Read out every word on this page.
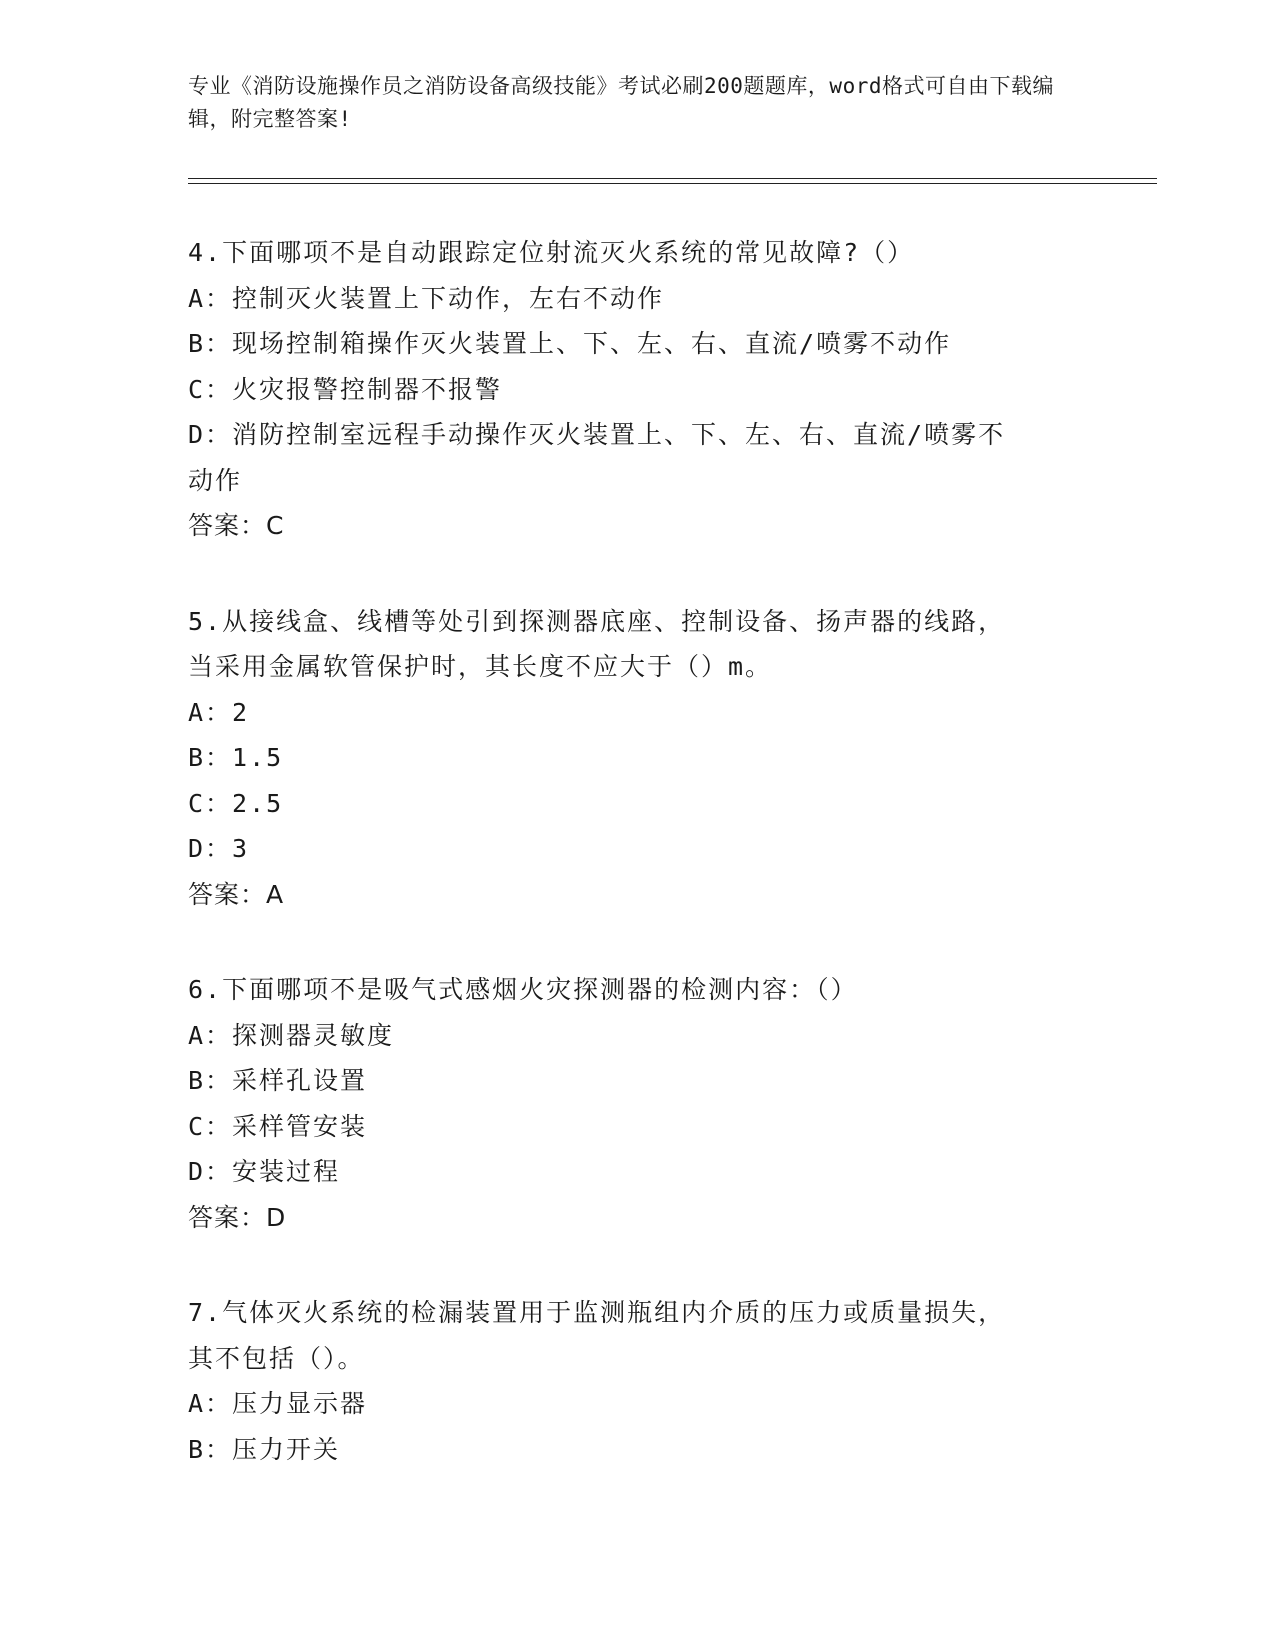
专业《消防设施操作员之消防设备高级技能》考试必刷200题题库，word格式可自由下载编辑，附完整答案!
4.下面哪项不是自动跟踪定位射流灭火系统的常见故障?（）
A：控制灭火装置上下动作，左右不动作
B：现场控制箱操作灭火装置上、下、左、右、直流/喷雾不动作
C：火灾报警控制器不报警
D：消防控制室远程手动操作灭火装置上、下、左、右、直流/喷雾不
动作
答案：C
5.从接线盒、线槽等处引到探测器底座、控制设备、扬声器的线路，
当采用金属软管保护时，其长度不应大于（）m。
A：2
B：1.5
C：2.5
D：3
答案：A
6.下面哪项不是吸气式感烟火灾探测器的检测内容：（）
A：探测器灵敏度
B：采样孔设置
C：采样管安装
D：安装过程
答案：D
7.气体灭火系统的检漏装置用于监测瓶组内介质的压力或质量损失，
其不包括（）。
A：压力显示器
B：压力开关
